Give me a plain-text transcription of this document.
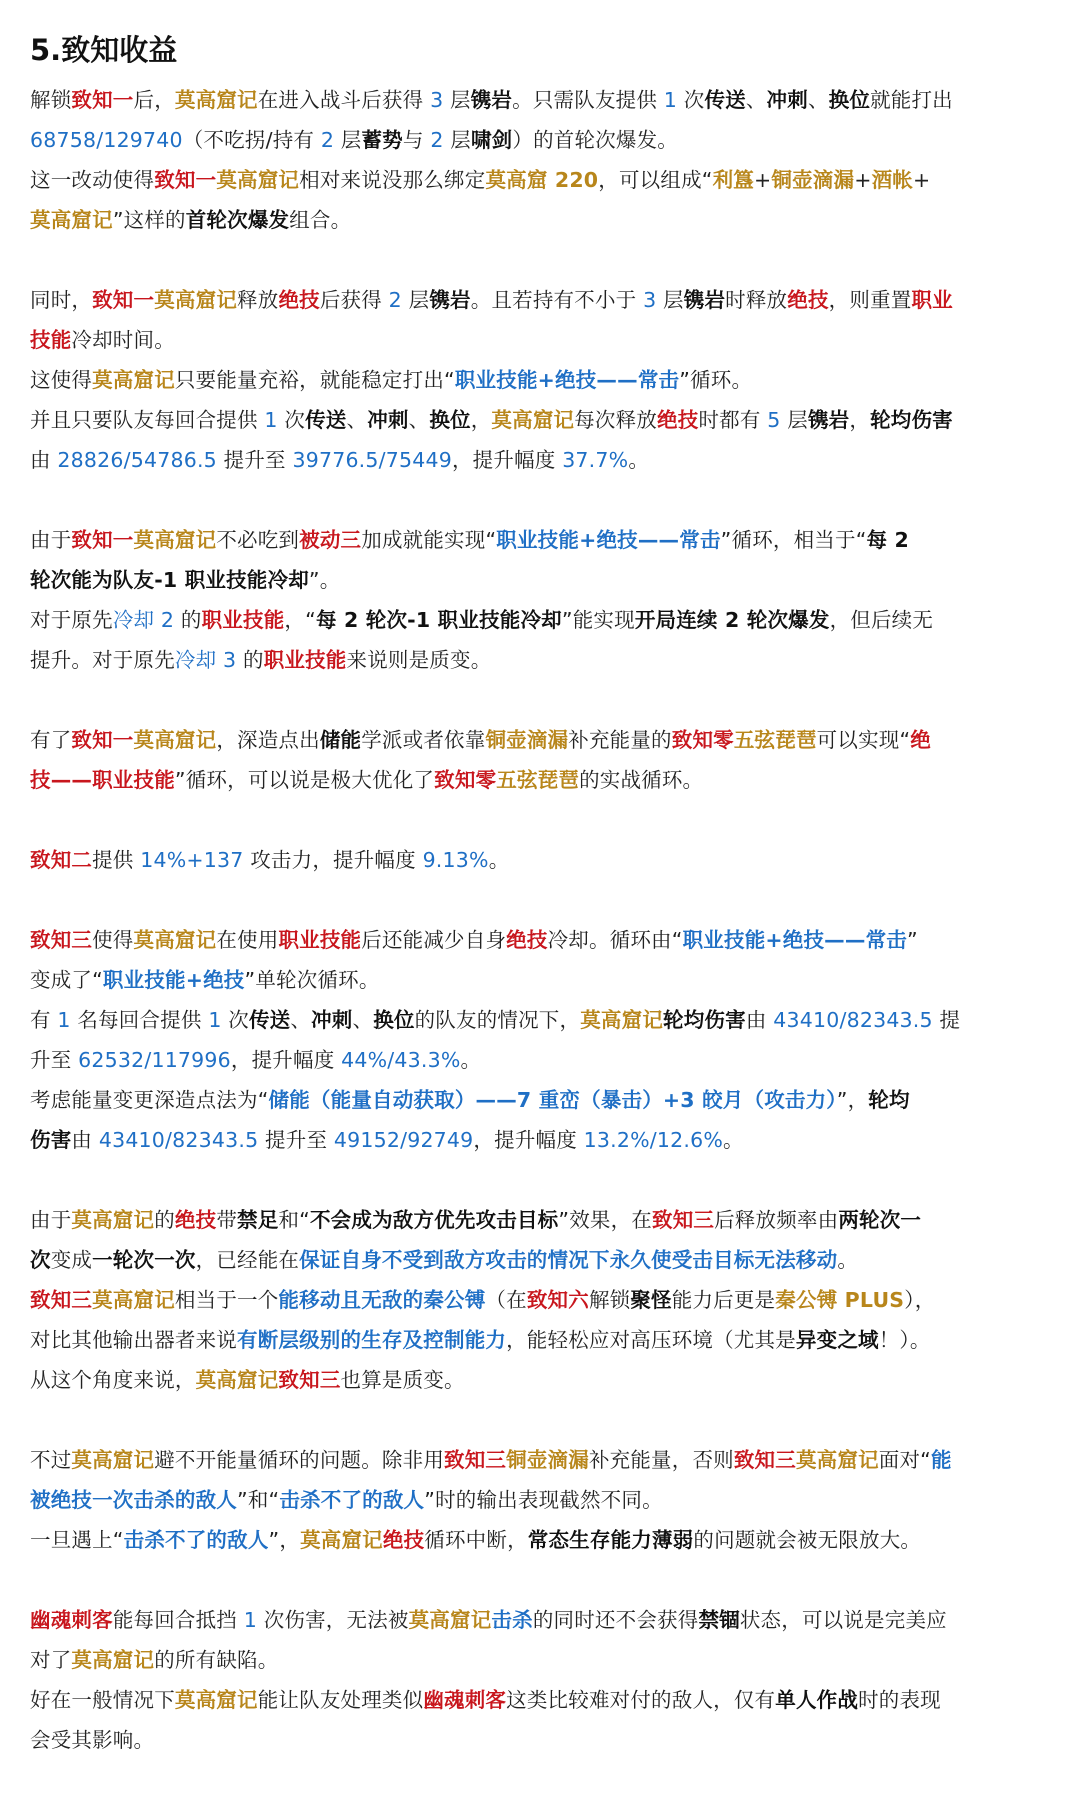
5.致知收益

解锁致知一后，莫高窟记在进入战斗后获得 3 层镌岩。只需队友提供 1 次传送、冲刺、换位就能打出

68758/129740（不吃拐/持有 2 层蓄势与 2 层啸剑）的首轮次爆发。

这一改动使得致知一莫高窟记相对来说没那么绑定莫高窟 220，可以组成“利簋+铜壶滴漏+酒帐+

莫高窟记”这样的首轮次爆发组合。

同时，致知一莫高窟记释放绝技后获得 2 层镌岩。且若持有不小于 3 层镌岩时释放绝技，则重置职业

技能冷却时间。

这使得莫高窟记只要能量充裕，就能稳定打出“职业技能+绝技——常击”循环。

并且只要队友每回合提供 1 次传送、冲刺、换位，莫高窟记每次释放绝技时都有 5 层镌岩，轮均伤害

由 28826/54786.5 提升至 39776.5/75449，提升幅度 37.7%。

由于致知一莫高窟记不必吃到被动三加成就能实现“职业技能+绝技——常击”循环，相当于“每 2

轮次能为队友-1 职业技能冷却”。

对于原先冷却 2 的职业技能，“每 2 轮次-1 职业技能冷却”能实现开局连续 2 轮次爆发，但后续无

提升。对于原先冷却 3 的职业技能来说则是质变。

有了致知一莫高窟记，深造点出储能学派或者依靠铜壶滴漏补充能量的致知零五弦琵琶可以实现“绝

技——职业技能”循环，可以说是极大优化了致知零五弦琵琶的实战循环。

致知二提供 14%+137 攻击力，提升幅度 9.13%。

致知三使得莫高窟记在使用职业技能后还能减少自身绝技冷却。循环由“职业技能+绝技——常击”

变成了“职业技能+绝技”单轮次循环。

有 1 名每回合提供 1 次传送、冲刺、换位的队友的情况下，莫高窟记轮均伤害由 43410/82343.5 提

升至 62532/117996，提升幅度 44%/43.3%。

考虑能量变更深造点法为“储能（能量自动获取）——7 重峦（暴击）+3 皎月（攻击力）”，轮均

伤害由 43410/82343.5 提升至 49152/92749，提升幅度 13.2%/12.6%。

由于莫高窟记的绝技带禁足和“不会成为敌方优先攻击目标”效果，在致知三后释放频率由两轮次一

次变成一轮次一次，已经能在保证自身不受到敌方攻击的情况下永久使受击目标无法移动。

致知三莫高窟记相当于一个能移动且无敌的秦公镈（在致知六解锁聚怪能力后更是秦公镈 PLUS），

对比其他输出器者来说有断层级别的生存及控制能力，能轻松应对高压环境（尤其是异变之域！）。

从这个角度来说，莫高窟记致知三也算是质变。

不过莫高窟记避不开能量循环的问题。除非用致知三铜壶滴漏补充能量，否则致知三莫高窟记面对“能

被绝技一次击杀的敌人”和“击杀不了的敌人”时的输出表现截然不同。

一旦遇上“击杀不了的敌人”，莫高窟记绝技循环中断，常态生存能力薄弱的问题就会被无限放大。

幽魂刺客能每回合抵挡 1 次伤害，无法被莫高窟记击杀的同时还不会获得禁锢状态，可以说是完美应

对了莫高窟记的所有缺陷。

好在一般情况下莫高窟记能让队友处理类似幽魂刺客这类比较难对付的敌人，仅有单人作战时的表现

会受其影响。
